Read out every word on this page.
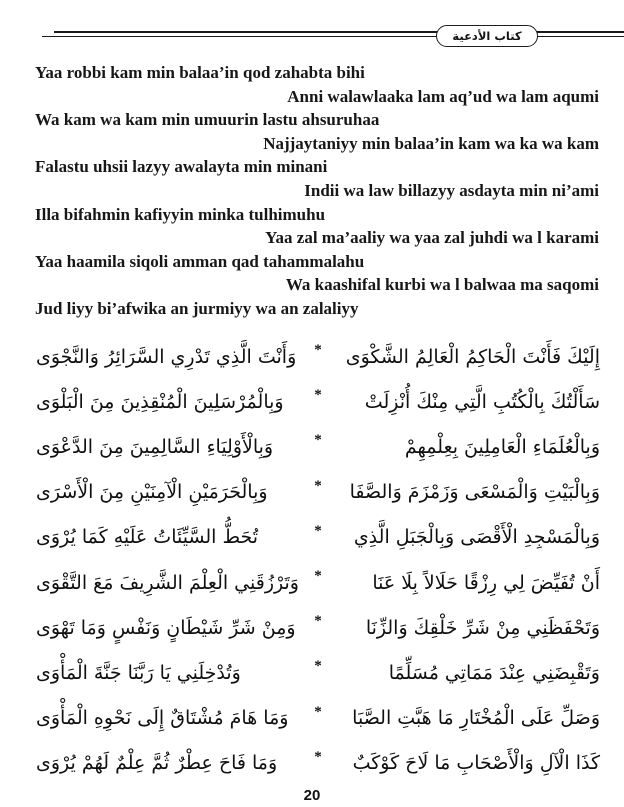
كتاب الأدعية

Yaa robbi kam min balaa’in qod zahabta bihi

Anni walawlaaka lam aq’ud wa lam aqumi

Wa kam wa kam min umuurin lastu ahsuruhaa

Najjaytaniyy min balaa’in kam wa ka wa kam

Falastu uhsii lazyy awalayta min minani

Indii wa law billazyy asdayta min ni’ami

Illa bifahmin kafiyyin minka tulhimuhu

Yaa zal ma’aaliy wa yaa zal juhdi wa l karami

Yaa haamila siqoli amman qad tahammalahu

Wa kaashifal kurbi wa l balwaa ma saqomi

Jud liyy bi’afwika an jurmiyy wa an zalaliyy

إِلَيْكَ فَأَنْتَ الْحَاكِمُ الْعَالِمُ الشَّكْوَى
*
وَأَنْتَ الَّذِي تَدْرِي السَّرَائِرُ وَالنَّجْوَى
سَأَلْتُكَ بِالْكُتُبِ الَّتِي مِنْكَ أُنْزِلَتْ
*
وَبِالْمُرْسَلِينَ الْمُنْقِذِينَ مِنَ الْبَلْوَى
وَبِالْعُلَمَاءِ الْعَامِلِينَ بِعِلْمِهِمْ
*
وَبِالْأَوْلِيَاءِ السَّالِمِينَ مِنَ الدَّعْوَى
وَبِالْبَيْتِ وَالْمَسْعَى وَزَمْزَمَ وَالصَّفَا
*
وَبِالْحَرَمَيْنِ الْآمِنَيْنِ مِنَ الْأَسْرَى
وَبِالْمَسْجِدِ الْأَقْصَى وَبِالْجَبَلِ الَّذِي
*
تُحَطُّ السَّيِّئَاتُ عَلَيْهِ كَمَا يُرْوَى
أَنْ تُفَيِّضَ لِي رِزْقًا حَلَالاً بِلَا عَنَا
*
وَتَرْزُقَنِي الْعِلْمَ الشَّرِيفَ مَعَ التَّقْوَى
وَتَحْفَظَنِي مِنْ شَرِّ خَلْقِكَ وَالزِّنَا
*
وَمِنْ شَرِّ شَيْطَانٍ وَنَفْسٍ وَمَا تَهْوَى
وَتَقْبِضَنِي عِنْدَ مَمَاتِي مُسَلِّمًا
*
وَتُدْخِلَنِي يَا رَبَّنَا جَنَّةَ الْمَأْوَى
وَصَلِّ عَلَى الْمُخْتَارِ مَا هَبَّتِ الصَّبَا
*
وَمَا هَامَ مُشْتَاقٌ إِلَى نَحْوِهِ الْمَأْوَى
كَذَا الْآلِ وَالْأَصْحَابِ مَا لَاحَ كَوْكَبٌ
*
وَمَا فَاحَ عِطْرٌ ثُمَّ عِلْمٌ لَهُمْ يُرْوَى
20
